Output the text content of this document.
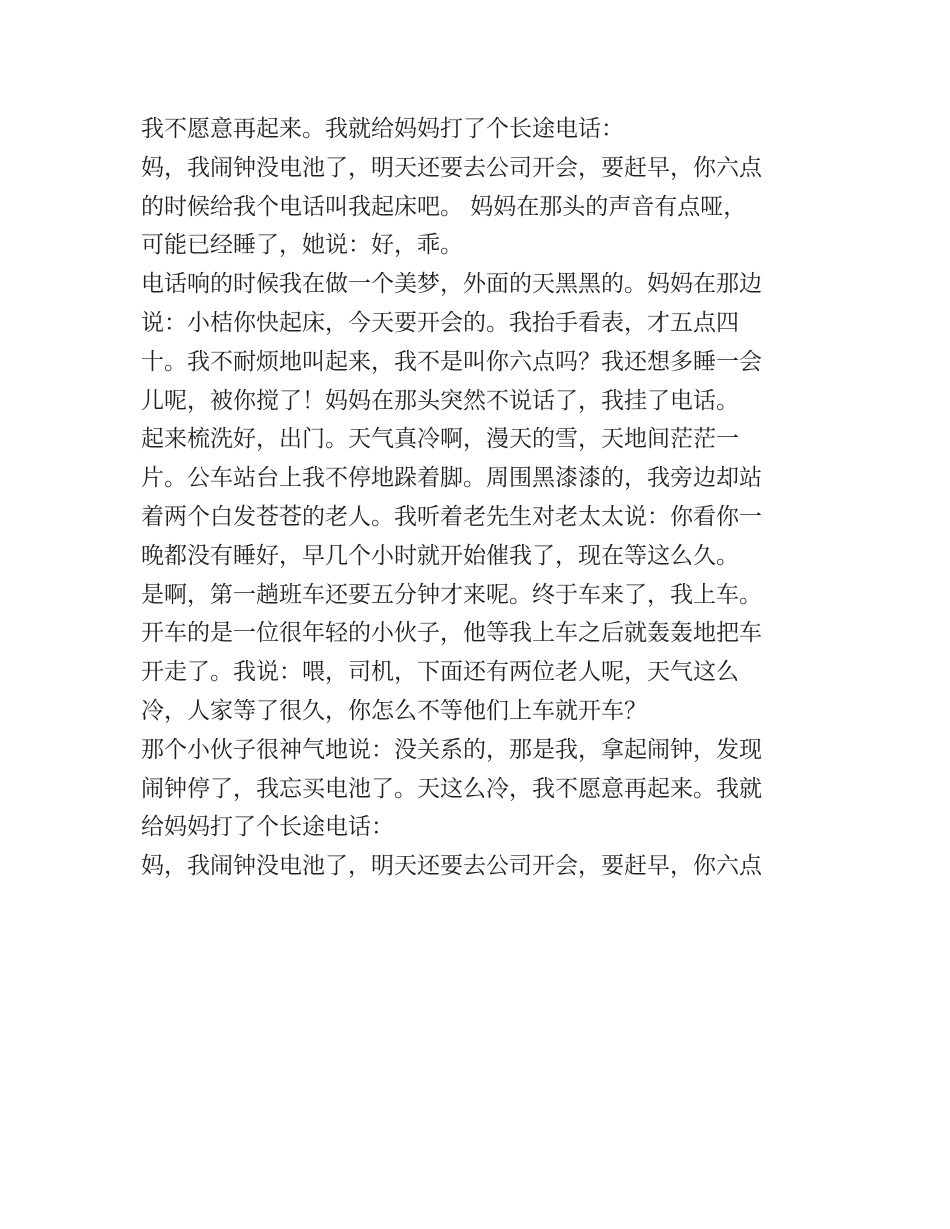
我不愿意再起来。我就给妈妈打了个长途电话：
妈，我闹钟没电池了，明天还要去公司开会，要赶早，你六点
的时候给我个电话叫我起床吧。 妈妈在那头的声音有点哑，
可能已经睡了，她说：好，乖。
电话响的时候我在做一个美梦，外面的天黑黑的。妈妈在那边
说：小桔你快起床，今天要开会的。我抬手看表，才五点四
十。我不耐烦地叫起来，我不是叫你六点吗？我还想多睡一会
儿呢，被你搅了！妈妈在那头突然不说话了，我挂了电话。
起来梳洗好，出门。天气真冷啊，漫天的雪，天地间茫茫一
片。公车站台上我不停地跺着脚。周围黑漆漆的，我旁边却站
着两个白发苍苍的老人。我听着老先生对老太太说：你看你一
晚都没有睡好，早几个小时就开始催我了，现在等这么久。
是啊，第一趟班车还要五分钟才来呢。终于车来了，我上车。
开车的是一位很年轻的小伙子，他等我上车之后就轰轰地把车
开走了。我说：喂，司机，下面还有两位老人呢，天气这么
冷，人家等了很久，你怎么不等他们上车就开车？
那个小伙子很神气地说：没关系的，那是我，拿起闹钟，发现
闹钟停了，我忘买电池了。天这么冷，我不愿意再起来。我就
给妈妈打了个长途电话：
妈，我闹钟没电池了，明天还要去公司开会，要赶早，你六点
